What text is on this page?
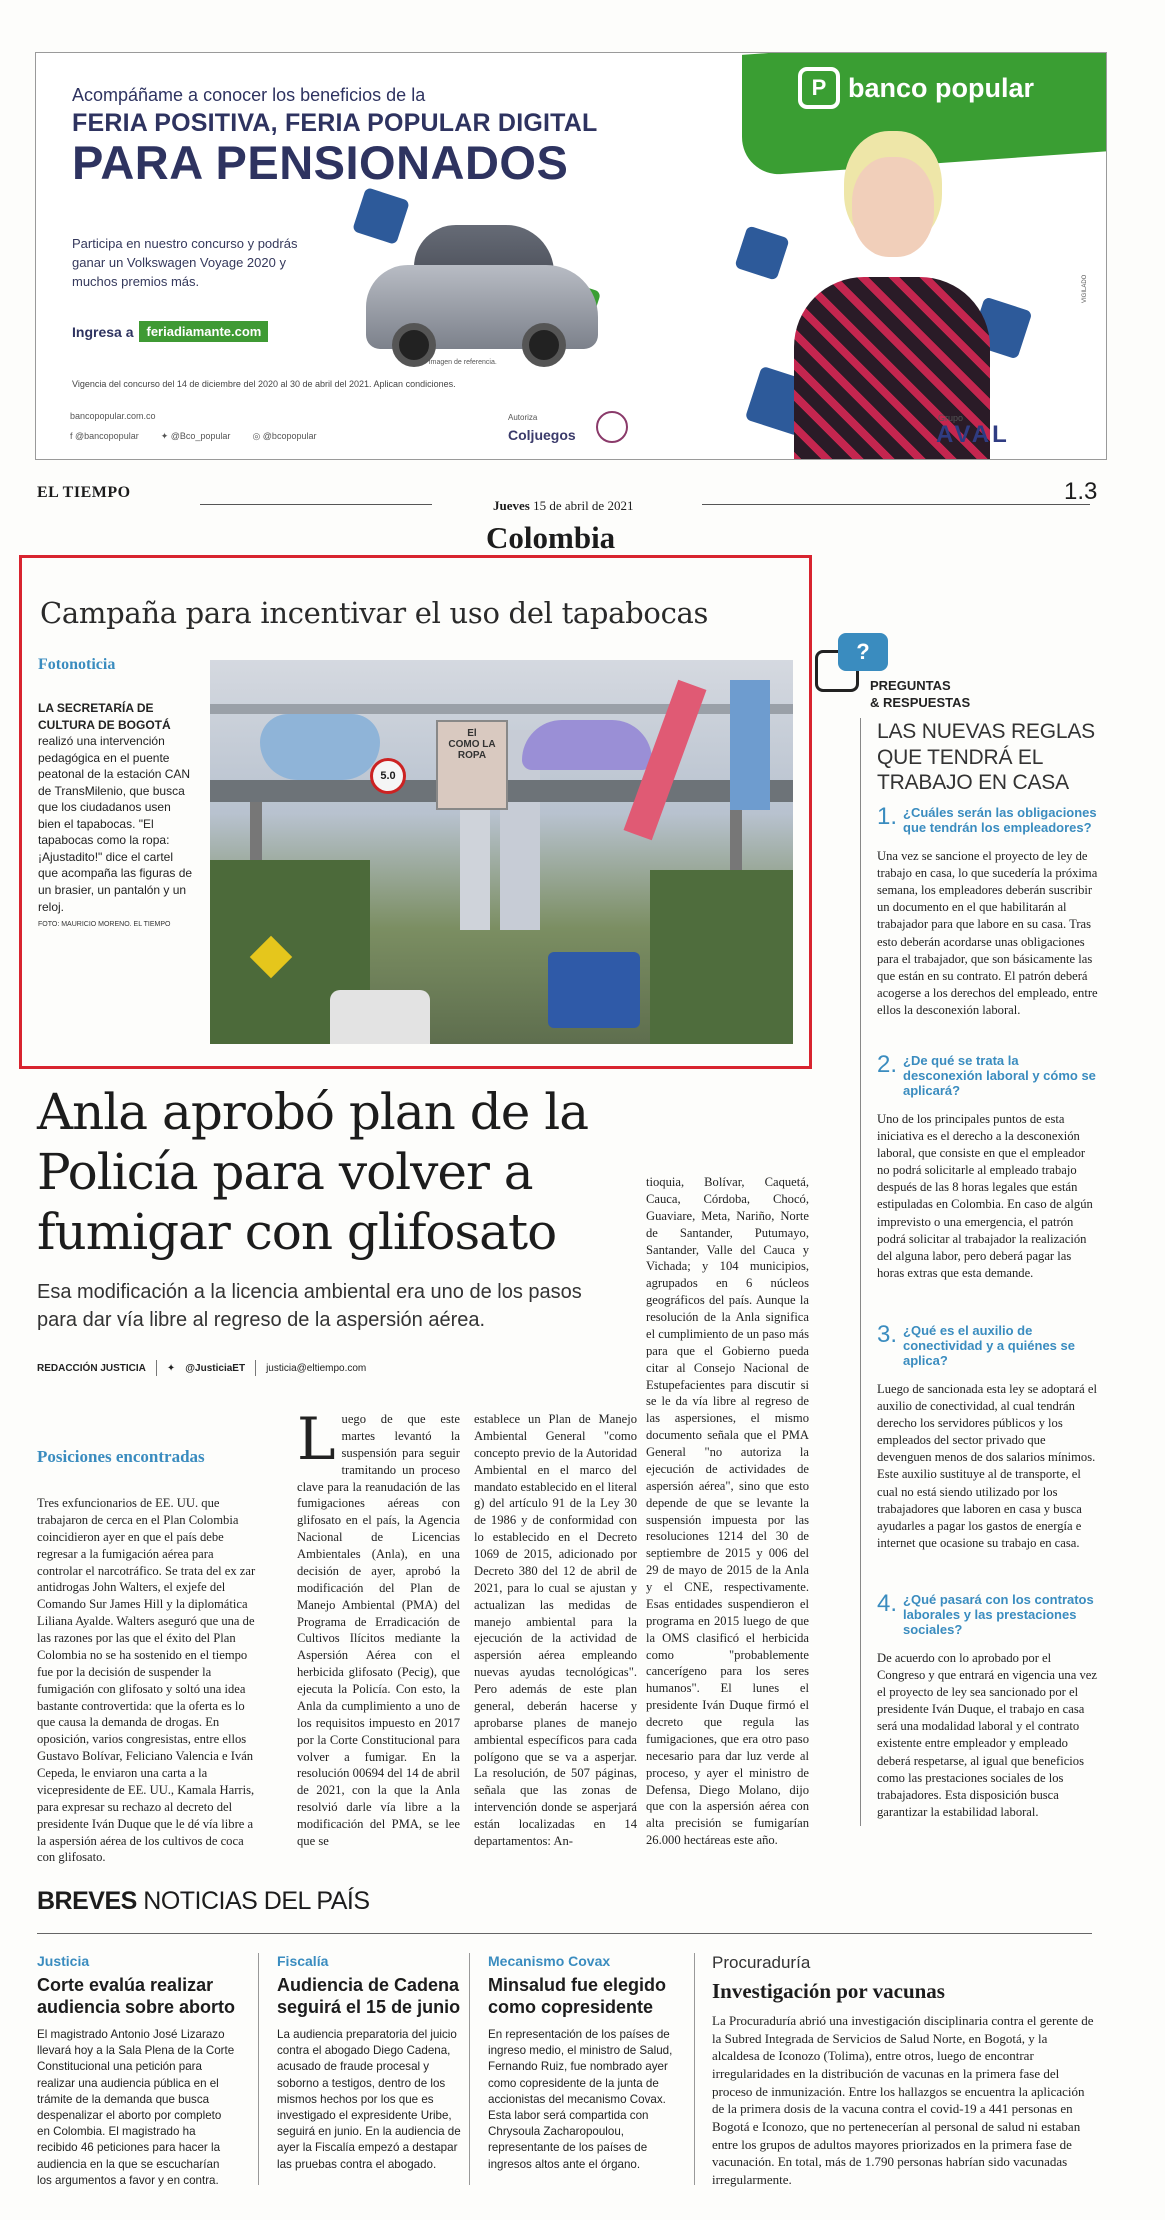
P banco popular
Acompáñame a conocer los beneficios de la
FERIA POSITIVA, FERIA POPULAR DIGITAL
PARA PENSIONADOS
Participa en nuestro concurso y podrás ganar un Volkswagen Voyage 2020 y muchos premios más.
Ingresa a	feriadiamante.com
*Imagen de referencia.
VIGILADO
Vigencia del concurso del 14 de diciembre del 2020 al 30 de abril del 2021. Aplican condiciones.
bancopopular.com.co
f @bancopopular ✦ @Bco_popular ◎ @bcopopular
Autoriza
Coljuegos
Grupo
AVAL
EL TIEMPO
Jueves 15 de abril de 2021
1.3
Colombia
Campaña para incentivar el uso del tapabocas
Fotonoticia
LA SECRETARÍA DE CULTURA DE BOGOTÁ realizó una intervención pedagógica en el puente peatonal de la estación CAN de TransMilenio, que busca que los ciudadanos usen bien el tapabocas. "El tapabocas como la ropa: ¡Ajustadito!" dice el cartel que acompaña las figuras de un brasier, un pantalón y un reloj.
FOTO: MAURICIO MORENO. EL TIEMPO
El
COMO LA ROPA
5.0
?
PREGUNTAS
& RESPUESTAS
LAS NUEVAS REGLAS QUE TENDRÁ EL TRABAJO EN CASA
1. ¿Cuáles serán las obligaciones que tendrán los empleadores?
Una vez se sancione el proyecto de ley de trabajo en casa, lo que sucedería la próxima semana, los empleadores deberán suscribir un documento en el que habilitarán al trabajador para que labore en su casa. Tras esto deberán acordarse unas obligaciones para el trabajador, que son básicamente las que están en su contrato. El patrón deberá acogerse a los derechos del empleado, entre ellos la desconexión laboral.
2. ¿De qué se trata la desconexión laboral y cómo se aplicará?
Uno de los principales puntos de esta iniciativa es el derecho a la desconexión laboral, que consiste en que el empleador no podrá solicitarle al empleado trabajo después de las 8 horas legales que están estipuladas en Colombia. En caso de algún imprevisto o una emergencia, el patrón podrá solicitar al trabajador la realización del alguna labor, pero deberá pagar las horas extras que esta demande.
3. ¿Qué es el auxilio de conectividad y a quiénes se aplica?
Luego de sancionada esta ley se adoptará el auxilio de conectividad, al cual tendrán derecho los servidores públicos y los empleados del sector privado que devenguen menos de dos salarios mínimos. Este auxilio sustituye al de transporte, el cual no está siendo utilizado por los trabajadores que laboren en casa y busca ayudarles a pagar los gastos de energía e internet que ocasione su trabajo en casa.
4. ¿Qué pasará con los contratos laborales y las prestaciones sociales?
De acuerdo con lo aprobado por el Congreso y que entrará en vigencia una vez el proyecto de ley sea sancionado por el presidente Iván Duque, el trabajo en casa será una modalidad laboral y el contrato existente entre empleador y empleado deberá respetarse, al igual que beneficios como las prestaciones sociales de los trabajadores. Esta disposición busca garantizar la estabilidad laboral.
Anla aprobó plan de la Policía para volver a fumigar con glifosato
Esa modificación a la licencia ambiental era uno de los pasos para dar vía libre al regreso de la aspersión aérea.
REDACCIÓN JUSTICIA ✦ @JusticiaET justicia@eltiempo.com
Posiciones encontradas
Tres exfuncionarios de EE. UU. que trabajaron de cerca en el Plan Colombia coincidieron ayer en que el país debe regresar a la fumigación aérea para controlar el narcotráfico. Se trata del ex zar antidrogas John Walters, el exjefe del Comando Sur James Hill y la diplomática Liliana Ayalde. Walters aseguró que una de las razones por las que el éxito del Plan Colombia no se ha sostenido en el tiempo fue por la decisión de suspender la fumigación con glifosato y soltó una idea bastante controvertida: que la oferta es lo que causa la demanda de drogas. En oposición, varios congresistas, entre ellos Gustavo Bolívar, Feliciano Valencia e Iván Cepeda, le enviaron una carta a la vicepresidente de EE. UU., Kamala Harris, para expresar su rechazo al decreto del presidente Iván Duque que le dé vía libre a la aspersión aérea de los cultivos de coca con glifosato.
Luego de que este martes levantó la suspensión para seguir tramitando un proceso clave para la reanudación de las fumigaciones aéreas con glifosato en el país, la Agencia Nacional de Licencias Ambientales (Anla), en una decisión de ayer, aprobó la modificación del Plan de Manejo Ambiental (PMA) del Programa de Erradicación de Cultivos Ilícitos mediante la Aspersión Aérea con el herbicida glifosato (Pecig), que ejecuta la Policía. Con esto, la Anla da cumplimiento a uno de los requisitos impuesto en 2017 por la Corte Constitucional para volver a fumigar. En la resolución 00694 del 14 de abril de 2021, con la que la Anla resolvió darle vía libre a la modificación del PMA, se lee que se
establece un Plan de Manejo Ambiental General "como concepto previo de la Autoridad Ambiental en el marco del mandato establecido en el literal g) del artículo 91 de la Ley 30 de 1986 y de conformidad con lo establecido en el Decreto 1069 de 2015, adicionado por Decreto 380 del 12 de abril de 2021, para lo cual se ajustan y actualizan las medidas de manejo ambiental para la ejecución de la actividad de aspersión aérea empleando nuevas ayudas tecnológicas". Pero además de este plan general, deberán hacerse y aprobarse planes de manejo ambiental específicos para cada polígono que se va a asperjar. La resolución, de 507 páginas, señala que las zonas de intervención donde se asperjará están localizadas en 14 departamentos: An-
tioquia, Bolívar, Caquetá, Cauca, Córdoba, Chocó, Guaviare, Meta, Nariño, Norte de Santander, Putumayo, Santander, Valle del Cauca y Vichada; y 104 municipios, agrupados en 6 núcleos geográficos del país. Aunque la resolución de la Anla significa el cumplimiento de un paso más para que el Gobierno pueda citar al Consejo Nacional de Estupefacientes para discutir si se le da vía libre al regreso de las aspersiones, el mismo documento señala que el PMA General "no autoriza la ejecución de actividades de aspersión aérea", sino que esto depende de que se levante la suspensión impuesta por las resoluciones 1214 del 30 de septiembre de 2015 y 006 del 29 de mayo de 2015 de la Anla y el CNE, respectivamente. Esas entidades suspendieron el programa en 2015 luego de que la OMS clasificó el herbicida como "probablemente cancerígeno para los seres humanos". El lunes el presidente Iván Duque firmó el decreto que regula las fumigaciones, que era otro paso necesario para dar luz verde al proceso, y ayer el ministro de Defensa, Diego Molano, dijo que con la aspersión aérea con alta precisión se fumigarían 26.000 hectáreas este año.
BREVES NOTICIAS DEL PAÍS
Justicia
Corte evalúa realizar audiencia sobre aborto
El magistrado Antonio José Lizarazo llevará hoy a la Sala Plena de la Corte Constitucional una petición para realizar una audiencia pública en el trámite de la demanda que busca despenalizar el aborto por completo en Colombia. El magistrado ha recibido 46 peticiones para hacer la audiencia en la que se escucharían los argumentos a favor y en contra.
Fiscalía
Audiencia de Cadena seguirá el 15 de junio
La audiencia preparatoria del juicio contra el abogado Diego Cadena, acusado de fraude procesal y soborno a testigos, dentro de los mismos hechos por los que es investigado el expresidente Uribe, seguirá en junio. En la audiencia de ayer la Fiscalía empezó a destapar las pruebas contra el abogado.
Mecanismo Covax
Minsalud fue elegido como copresidente
En representación de los países de ingreso medio, el ministro de Salud, Fernando Ruiz, fue nombrado ayer como copresidente de la junta de accionistas del mecanismo Covax. Esta labor será compartida con Chrysoula Zacharopoulou, representante de los países de ingresos altos ante el órgano.
Procuraduría
Investigación por vacunas
La Procuraduría abrió una investigación disciplinaria contra el gerente de la Subred Integrada de Servicios de Salud Norte, en Bogotá, y la alcaldesa de Iconozo (Tolima), entre otros, luego de encontrar irregularidades en la distribución de vacunas en la primera fase del proceso de inmunización. Entre los hallazgos se encuentra la aplicación de la primera dosis de la vacuna contra el covid-19 a 441 personas en Bogotá e Iconozo, que no pertenecerían al personal de salud ni estaban entre los grupos de adultos mayores priorizados en la primera fase de vacunación. En total, más de 1.790 personas habrían sido vacunadas irregularmente.
